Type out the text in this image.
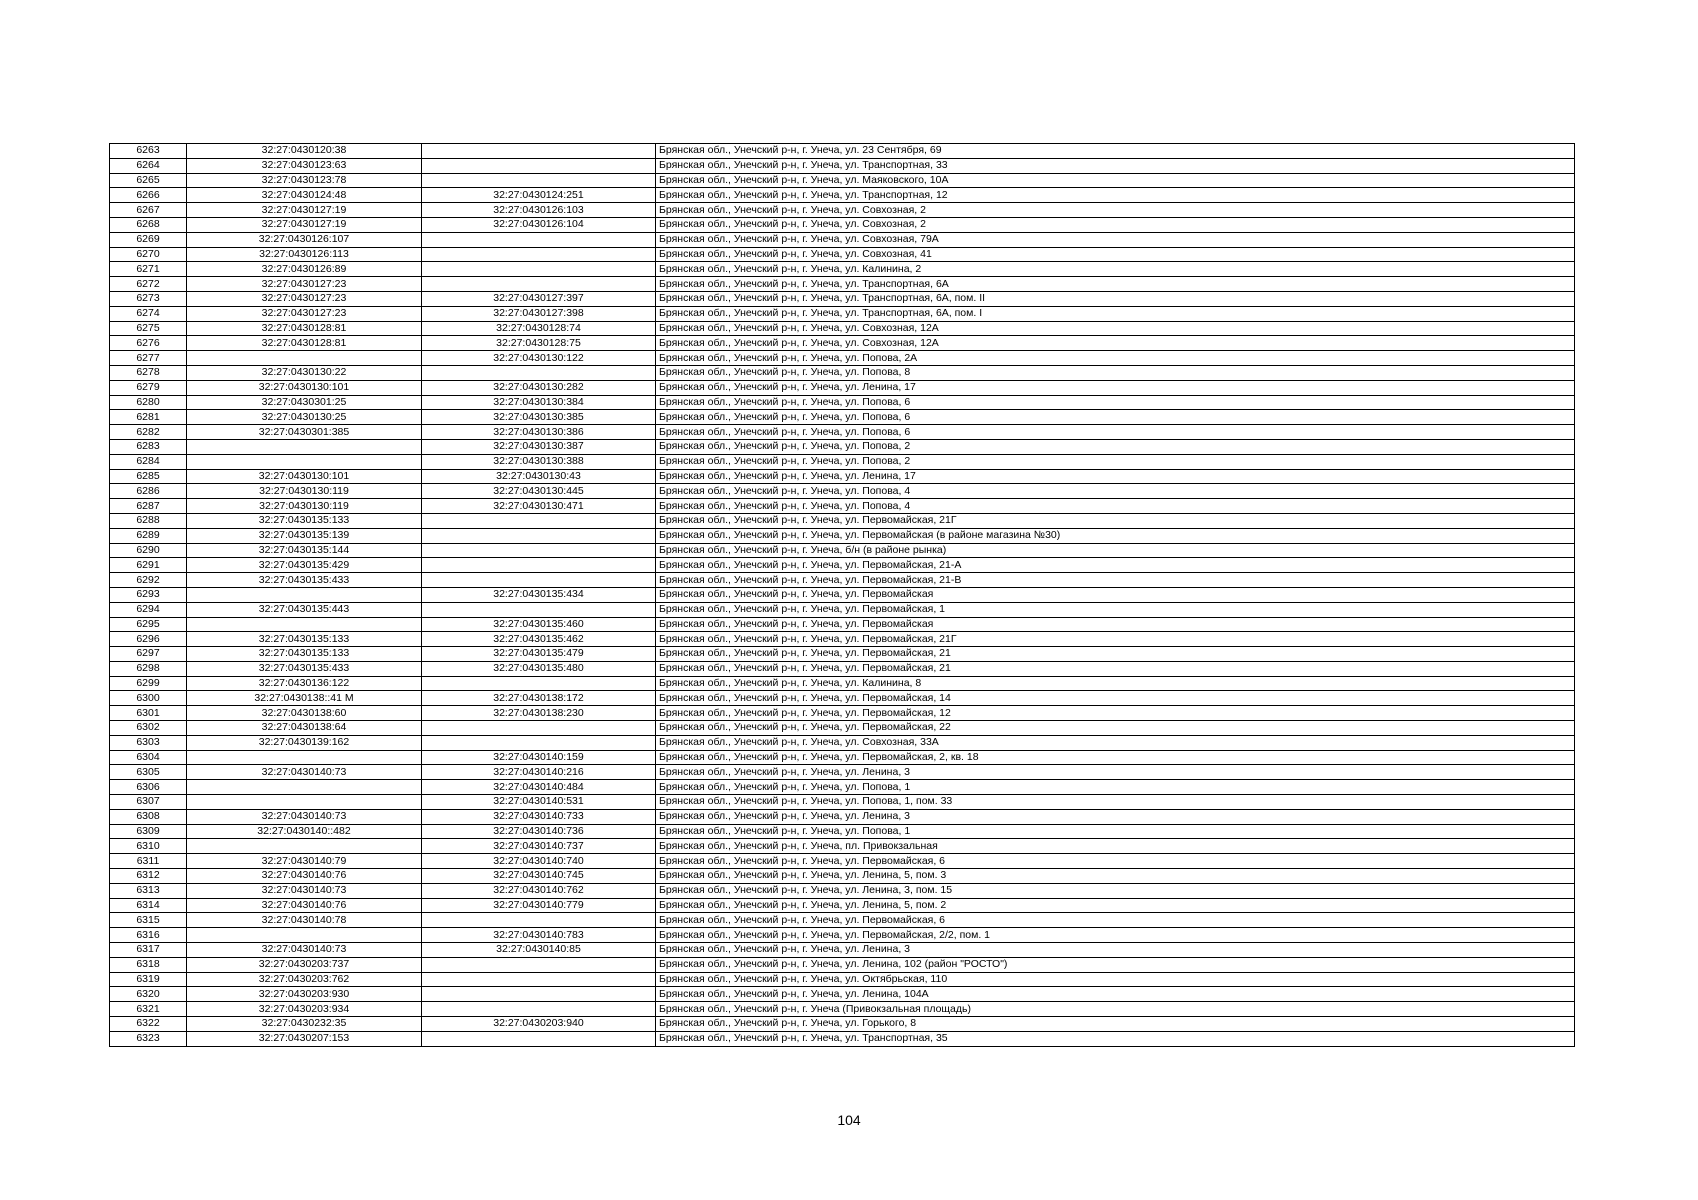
6263	32:27:0430120:38		Брянская обл., Унечский р-н, г. Унеча, ул. 23 Сентября, 69
6264	32:27:0430123:63		Брянская обл., Унечский р-н, г. Унеча, ул. Транспортная, 33
6265	32:27:0430123:78		Брянская обл., Унечский р-н, г. Унеча, ул. Маяковского, 10А
6266	32:27:0430124:48	32:27:0430124:251	Брянская обл., Унечский р-н, г. Унеча, ул. Транспортная, 12
6267	32:27:0430127:19	32:27:0430126:103	Брянская обл., Унечский р-н, г. Унеча, ул. Совхозная, 2
6268	32:27:0430127:19	32:27:0430126:104	Брянская обл., Унечский р-н, г. Унеча, ул. Совхозная, 2
6269	32:27:0430126:107		Брянская обл., Унечский р-н, г. Унеча, ул. Совхозная, 79А
6270	32:27:0430126:113		Брянская обл., Унечский р-н, г. Унеча, ул. Совхозная, 41
6271	32:27:0430126:89		Брянская обл., Унечский р-н, г. Унеча, ул. Калинина, 2
6272	32:27:0430127:23		Брянская обл., Унечский р-н, г. Унеча, ул. Транспортная, 6А
6273	32:27:0430127:23	32:27:0430127:397	Брянская обл., Унечский р-н, г. Унеча, ул. Транспортная, 6А, пом. II
6274	32:27:0430127:23	32:27:0430127:398	Брянская обл., Унечский р-н, г. Унеча, ул. Транспортная, 6А, пом. I
6275	32:27:0430128:81	32:27:0430128:74	Брянская обл., Унечский р-н, г. Унеча, ул. Совхозная, 12А
6276	32:27:0430128:81	32:27:0430128:75	Брянская обл., Унечский р-н, г. Унеча, ул. Совхозная, 12А
6277		32:27:0430130:122	Брянская обл., Унечский р-н, г. Унеча, ул. Попова, 2А
6278	32:27:0430130:22		Брянская обл., Унечский р-н, г. Унеча, ул. Попова, 8
6279	32:27:0430130:101	32:27:0430130:282	Брянская обл., Унечский р-н, г. Унеча, ул. Ленина, 17
6280	32:27:0430301:25	32:27:0430130:384	Брянская обл., Унечский р-н, г. Унеча, ул. Попова, 6
6281	32:27:0430130:25	32:27:0430130:385	Брянская обл., Унечский р-н, г. Унеча, ул. Попова, 6
6282	32:27:0430301:385	32:27:0430130:386	Брянская обл., Унечский р-н, г. Унеча, ул. Попова, 6
6283		32:27:0430130:387	Брянская обл., Унечский р-н, г. Унеча, ул. Попова, 2
6284		32:27:0430130:388	Брянская обл., Унечский р-н, г. Унеча, ул. Попова, 2
6285	32:27:0430130:101	32:27:0430130:43	Брянская обл., Унечский р-н, г. Унеча, ул. Ленина, 17
6286	32:27:0430130:119	32:27:0430130:445	Брянская обл., Унечский р-н, г. Унеча, ул. Попова, 4
6287	32:27:0430130:119	32:27:0430130:471	Брянская обл., Унечский р-н, г. Унеча, ул. Попова, 4
6288	32:27:0430135:133		Брянская обл., Унечский р-н, г. Унеча, ул. Первомайская, 21Г
6289	32:27:0430135:139		Брянская обл., Унечский р-н, г. Унеча, ул. Первомайская (в районе магазина №30)
6290	32:27:0430135:144		Брянская обл., Унечский р-н, г. Унеча, б/н (в районе рынка)
6291	32:27:0430135:429		Брянская обл., Унечский р-н, г. Унеча, ул. Первомайская, 21-А
6292	32:27:0430135:433		Брянская обл., Унечский р-н, г. Унеча, ул. Первомайская, 21-В
6293		32:27:0430135:434	Брянская обл., Унечский р-н, г. Унеча, ул. Первомайская
6294	32:27:0430135:443		Брянская обл., Унечский р-н, г. Унеча, ул. Первомайская, 1
6295		32:27:0430135:460	Брянская обл., Унечский р-н, г. Унеча, ул. Первомайская
6296	32:27:0430135:133	32:27:0430135:462	Брянская обл., Унечский р-н, г. Унеча, ул. Первомайская, 21Г
6297	32:27:0430135:133	32:27:0430135:479	Брянская обл., Унечский р-н, г. Унеча, ул. Первомайская, 21
6298	32:27:0430135:433	32:27:0430135:480	Брянская обл., Унечский р-н, г. Унеча, ул. Первомайская, 21
6299	32:27:0430136:122		Брянская обл., Унечский р-н, г. Унеча, ул. Калинина, 8
6300	32:27:0430138::41 М	32:27:0430138:172	Брянская обл., Унечский р-н, г. Унеча, ул. Первомайская, 14
6301	32:27:0430138:60	32:27:0430138:230	Брянская обл., Унечский р-н, г. Унеча, ул. Первомайская, 12
6302	32:27:0430138:64		Брянская обл., Унечский р-н, г. Унеча, ул. Первомайская, 22
6303	32:27:0430139:162		Брянская обл., Унечский р-н, г. Унеча, ул. Совхозная, 33А
6304		32:27:0430140:159	Брянская обл., Унечский р-н, г. Унеча, ул. Первомайская, 2, кв. 18
6305	32:27:0430140:73	32:27:0430140:216	Брянская обл., Унечский р-н, г. Унеча, ул. Ленина, 3
6306		32:27:0430140:484	Брянская обл., Унечский р-н, г. Унеча, ул. Попова, 1
6307		32:27:0430140:531	Брянская обл., Унечский р-н, г. Унеча, ул. Попова, 1, пом. 33
6308	32:27:0430140:73	32:27:0430140:733	Брянская обл., Унечский р-н, г. Унеча, ул. Ленина, 3
6309	32:27:0430140::482	32:27:0430140:736	Брянская обл., Унечский р-н, г. Унеча, ул. Попова, 1
6310		32:27:0430140:737	Брянская обл., Унечский р-н, г. Унеча, пл. Привокзальная
6311	32:27:0430140:79	32:27:0430140:740	Брянская обл., Унечский р-н, г. Унеча, ул. Первомайская, 6
6312	32:27:0430140:76	32:27:0430140:745	Брянская обл., Унечский р-н, г. Унеча, ул. Ленина, 5, пом. 3
6313	32:27:0430140:73	32:27:0430140:762	Брянская обл., Унечский р-н, г. Унеча, ул. Ленина, 3, пом. 15
6314	32:27:0430140:76	32:27:0430140:779	Брянская обл., Унечский р-н, г. Унеча, ул. Ленина, 5, пом. 2
6315	32:27:0430140:78		Брянская обл., Унечский р-н, г. Унеча, ул. Первомайская, 6
6316		32:27:0430140:783	Брянская обл., Унечский р-н, г. Унеча, ул. Первомайская, 2/2, пом. 1
6317	32:27:0430140:73	32:27:0430140:85	Брянская обл., Унечский р-н, г. Унеча, ул. Ленина, 3
6318	32:27:0430203:737		Брянская обл., Унечский р-н, г. Унеча, ул. Ленина, 102 (район "РОСТО")
6319	32:27:0430203:762		Брянская обл., Унечский р-н, г. Унеча, ул. Октябрьская, 110
6320	32:27:0430203:930		Брянская обл., Унечский р-н, г. Унеча, ул. Ленина, 104А
6321	32:27:0430203:934		Брянская обл., Унечский р-н, г. Унеча (Привокзальная площадь)
6322	32:27:0430232:35	32:27:0430203:940	Брянская обл., Унечский р-н, г. Унеча, ул. Горького, 8
6323	32:27:0430207:153		Брянская обл., Унечский р-н, г. Унеча, ул. Транспортная, 35
104
